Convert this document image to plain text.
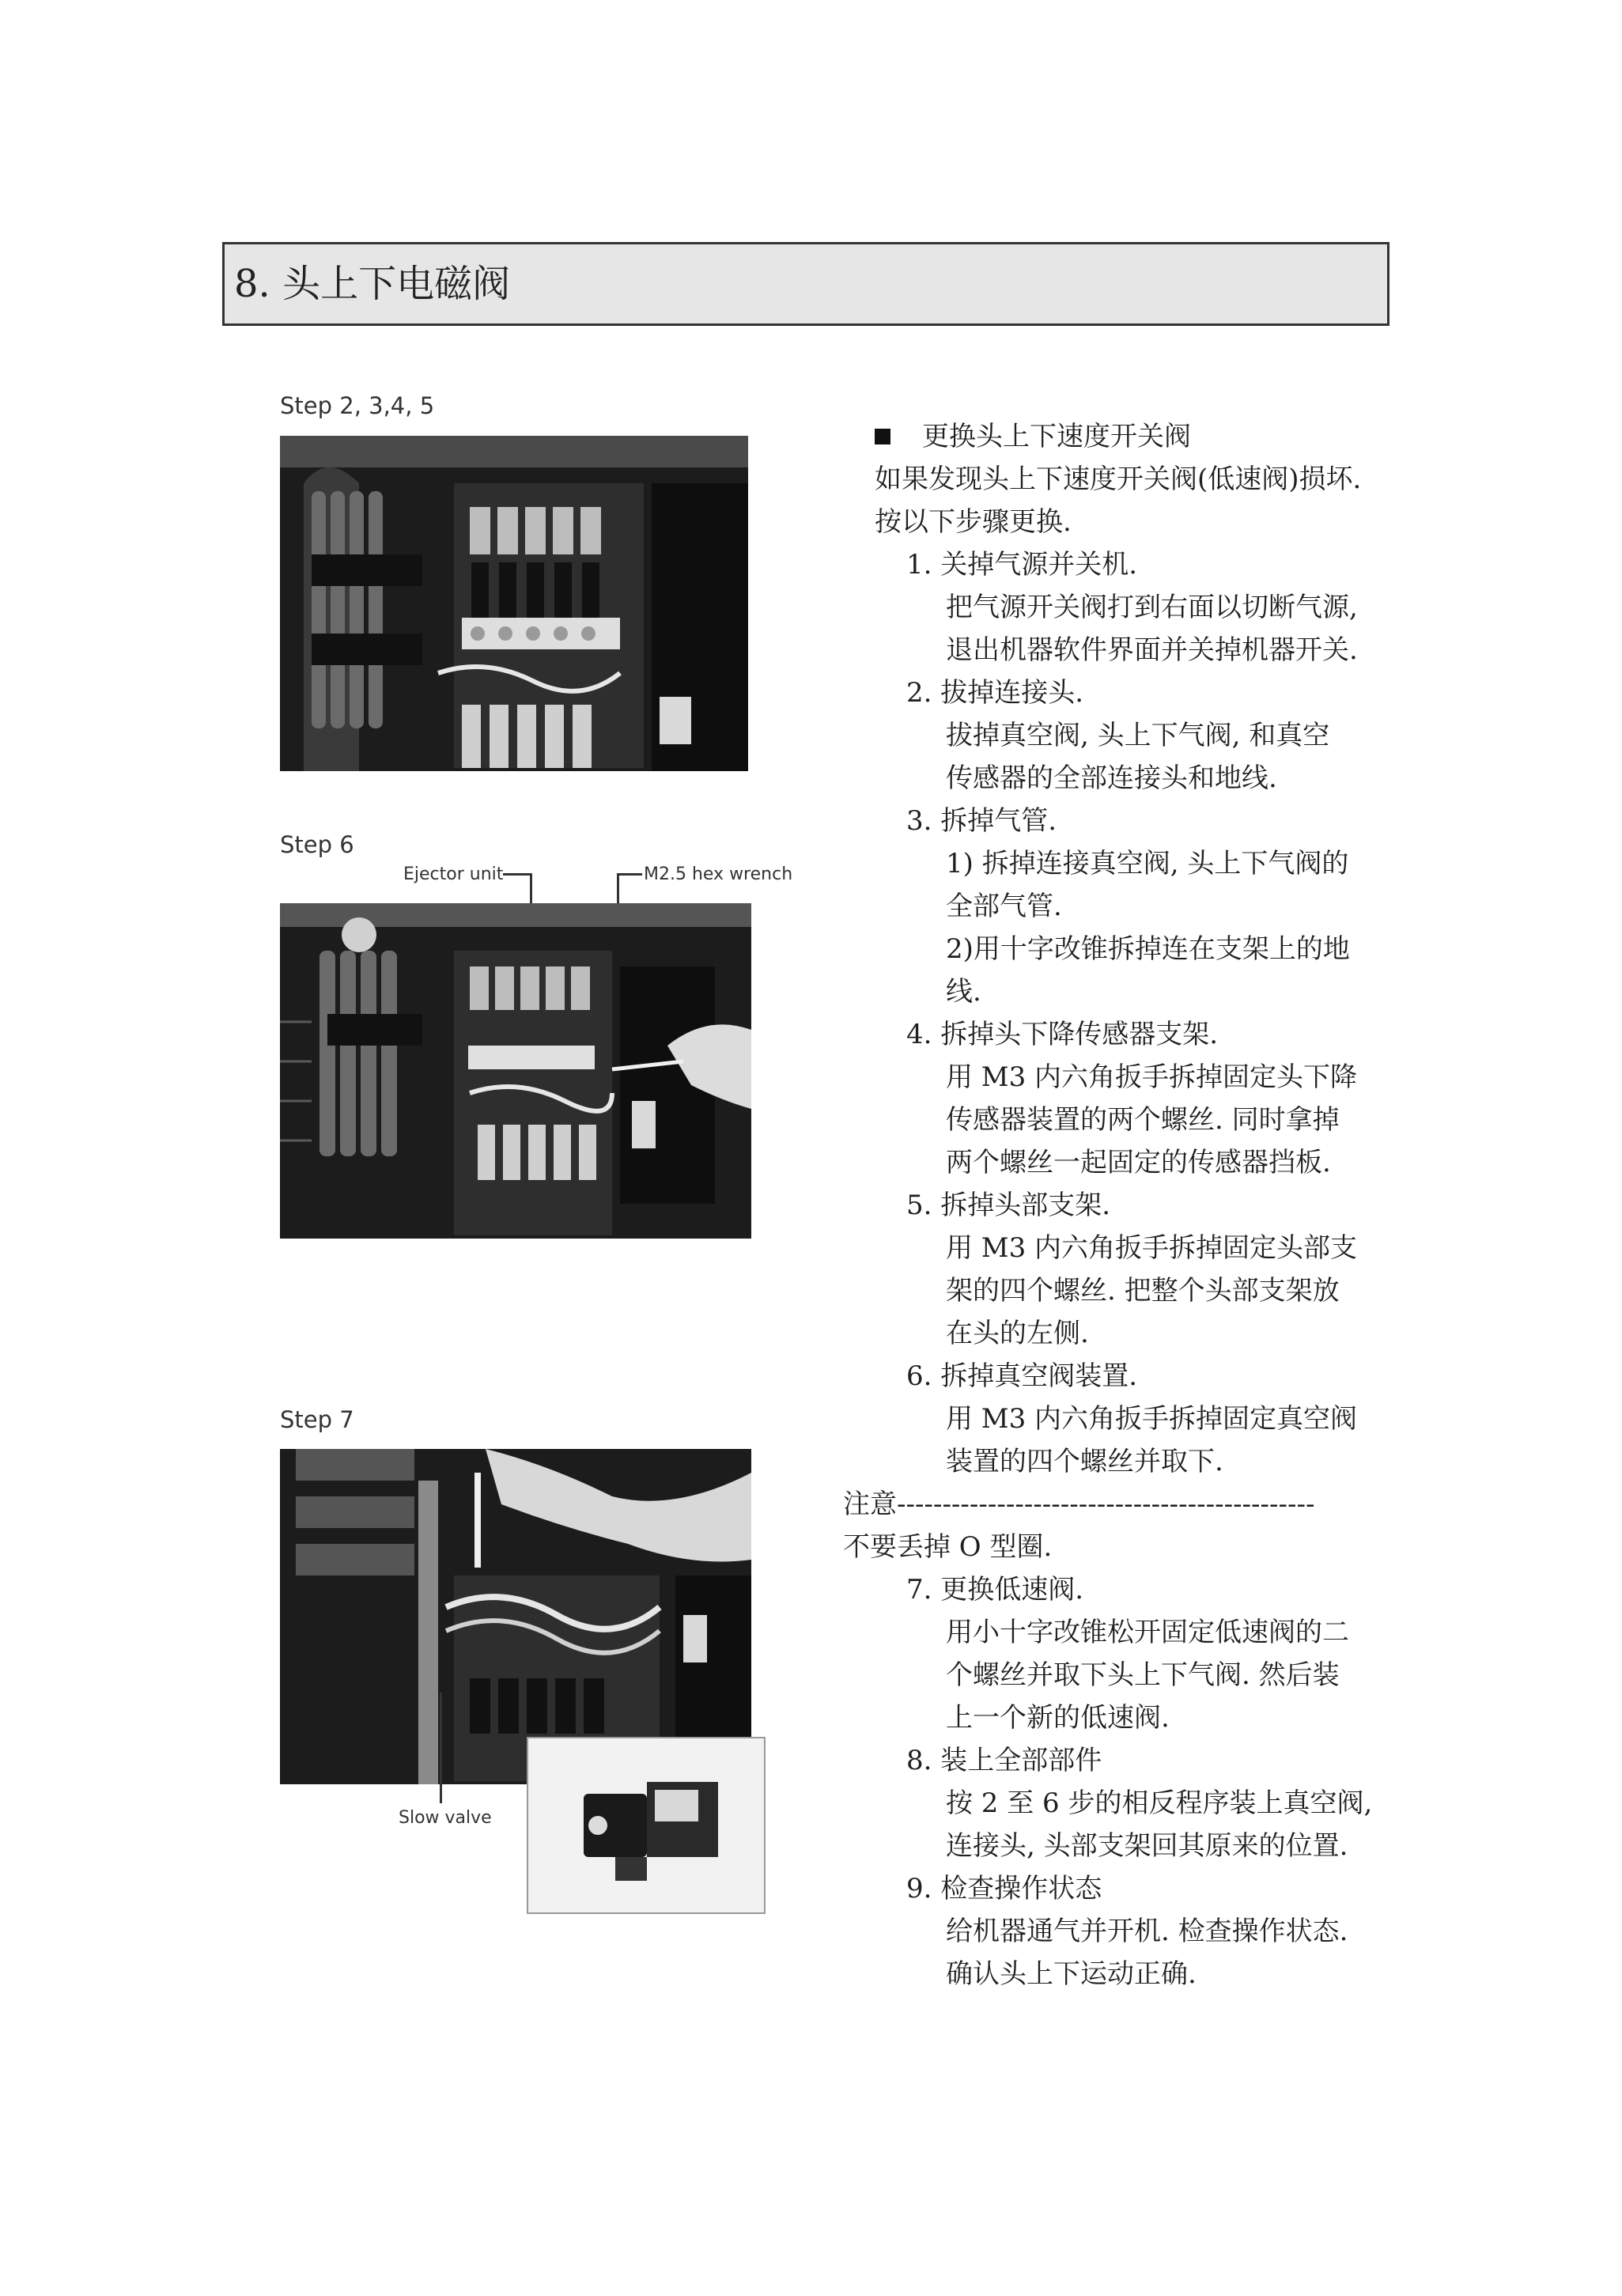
8. 头上下电磁阀
Step 2, 3,4, 5
Step 6
Ejector unit	M2.5 hex wrench
Step 7
Slow valve
更换头上下速度开关阀
如果发现头上下速度开关阀(低速阀)损坏.
按以下步骤更换.
1. 关掉气源并关机.
把气源开关阀打到右面以切断气源,
退出机器软件界面并关掉机器开关.
2. 拔掉连接头.
拔掉真空阀, 头上下气阀, 和真空
传感器的全部连接头和地线.
3. 拆掉气管.
1) 拆掉连接真空阀, 头上下气阀的
全部气管.
2)用十字改锥拆掉连在支架上的地
线.
4. 拆掉头下降传感器支架.
用 M3 内六角扳手拆掉固定头下降
传感器装置的两个螺丝. 同时拿掉
两个螺丝一起固定的传感器挡板.
5. 拆掉头部支架.
用 M3 内六角扳手拆掉固定头部支
架的四个螺丝. 把整个头部支架放
在头的左侧.
6. 拆掉真空阀装置.
用 M3 内六角扳手拆掉固定真空阀
装置的四个螺丝并取下.
注意----------------------------------------------
不要丢掉 O 型圈.
7. 更换低速阀.
用小十字改锥松开固定低速阀的二
个螺丝并取下头上下气阀. 然后装
上一个新的低速阀.
8. 装上全部部件
按 2 至 6 步的相反程序装上真空阀,
连接头, 头部支架回其原来的位置.
9. 检查操作状态
给机器通气并开机. 检查操作状态.
确认头上下运动正确.
